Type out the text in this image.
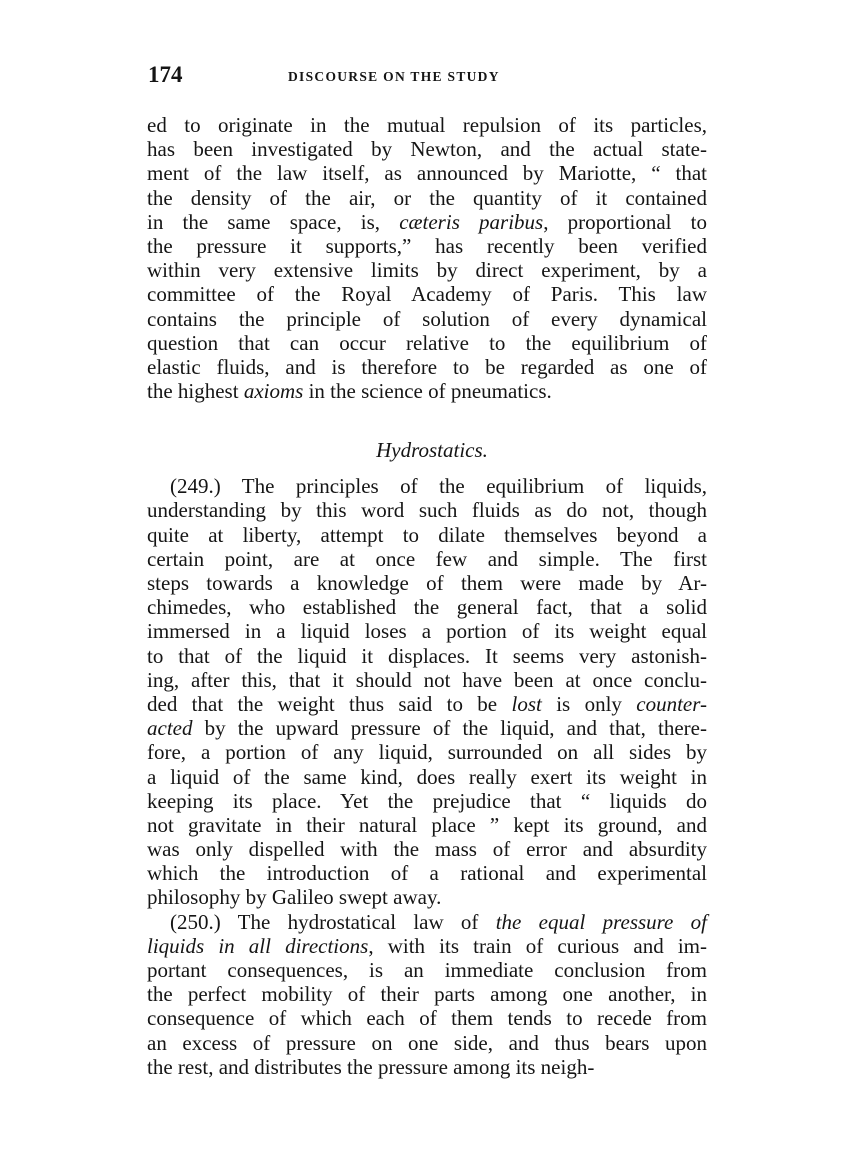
174	DISCOURSE ON THE STUDY
ed to originate in the mutual repulsion of its particles,
has been investigated by Newton, and the actual state-
ment of the law itself, as announced by Mariotte, “ that
the density of the air, or the quantity of it contained
in the same space, is, cæteris paribus, proportional to
the pressure it supports,” has recently been verified
within very extensive limits by direct experiment, by a
committee of the Royal Academy of Paris. This law
contains the principle of solution of every dynamical
question that can occur relative to the equilibrium of
elastic fluids, and is therefore to be regarded as one of
the highest axioms in the science of pneumatics.
Hydrostatics.
(249.) The principles of the equilibrium of liquids,
understanding by this word such fluids as do not, though
quite at liberty, attempt to dilate themselves beyond a
certain point, are at once few and simple. The first
steps towards a knowledge of them were made by Ar-
chimedes, who established the general fact, that a solid
immersed in a liquid loses a portion of its weight equal
to that of the liquid it displaces. It seems very astonish-
ing, after this, that it should not have been at once conclu-
ded that the weight thus said to be lost is only counter-
acted by the upward pressure of the liquid, and that, there-
fore, a portion of any liquid, surrounded on all sides by
a liquid of the same kind, does really exert its weight in
keeping its place. Yet the prejudice that “ liquids do
not gravitate in their natural place ” kept its ground, and
was only dispelled with the mass of error and absurdity
which the introduction of a rational and experimental
philosophy by Galileo swept away.
(250.) The hydrostatical law of the equal pressure of
liquids in all directions, with its train of curious and im-
portant consequences, is an immediate conclusion from
the perfect mobility of their parts among one another, in
consequence of which each of them tends to recede from
an excess of pressure on one side, and thus bears upon
the rest, and distributes the pressure among its neigh-
